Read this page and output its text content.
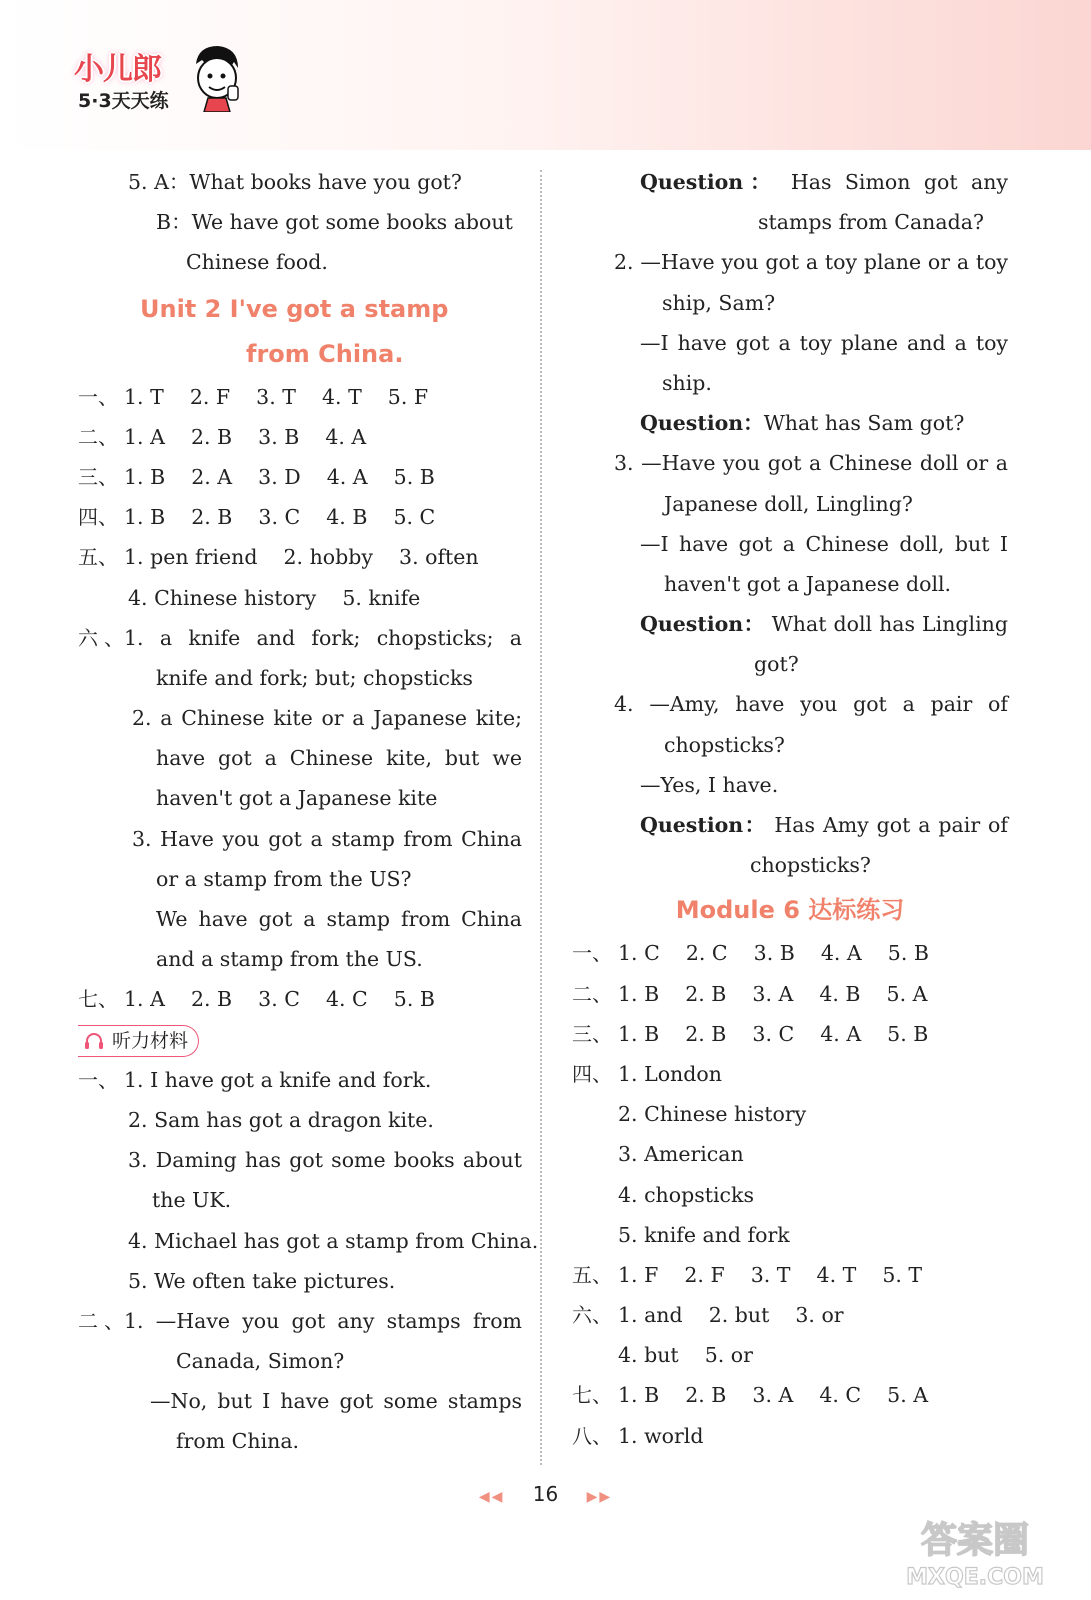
小儿郎
5·3天天练
5. A：What books have you got?
B：We have got some books about
Chinese food.
Unit 2 I've got a stamp
from China.
一、 1. T    2. F    3. T    4. T    5. F
二、 1. A    2. B    3. B    4. A
三、 1. B    2. A    3. D    4. A    5. B
四、 1. B    2. B    3. C    4. B    5. C
五、 1. pen friend    2. hobby    3. often
4. Chinese history    5. knife
六、1. a knife and fork; chopsticks; a
knife and fork; but; chopsticks
2. a Chinese kite or a Japanese kite;
have got a Chinese kite, but we
haven't got a Japanese kite
3. Have you got a stamp from China
or a stamp from the US?
We have got a stamp from China
and a stamp from the US.
七、 1. A    2. B    3. C    4. C    5. B
听力材料
一、 1. I have got a knife and fork.
2. Sam has got a dragon kite.
3. Daming has got some books about
the UK.
4. Michael has got a stamp from China.
5. We often take pictures.
二、1. —Have you got any stamps from
Canada, Simon?
—No, but I have got some stamps
from China.
Question： Has Simon got any
stamps from Canada?
2. —Have you got a toy plane or a toy
ship, Sam?
—I have got a toy plane and a toy
ship.
Question：What has Sam got?
3. —Have you got a Chinese doll or a
Japanese doll, Lingling?
—I have got a Chinese doll, but I
haven't got a Japanese doll.
Question： What doll has Lingling
got?
4. —Amy, have you got a pair of
chopsticks?
—Yes, I have.
Question： Has Amy got a pair of
chopsticks?
Module 6 达标练习
一、 1. C    2. C    3. B    4. A    5. B
二、 1. B    2. B    3. A    4. B    5. A
三、 1. B    2. B    3. C    4. A    5. B
四、 1. London
2. Chinese history
3. American
4. chopsticks
5. knife and fork
五、 1. F    2. F    3. T    4. T    5. T
六、 1. and    2. but    3. or
4. but    5. or
七、 1. B    2. B    3. A    4. C    5. A
八、 1. world
◀◀ 16 ▶▶
答案圈
MXQE.COM
